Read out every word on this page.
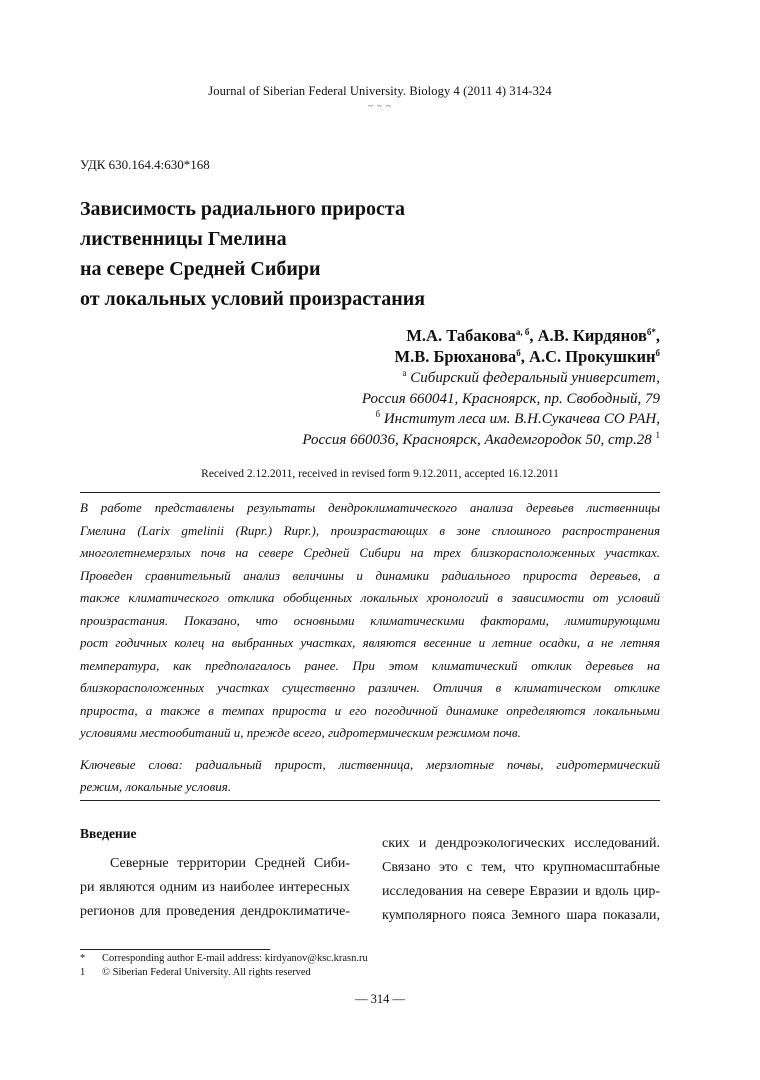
Journal of Siberian Federal University. Biology 4 (2011 4) 314-324
~ ~ ~
УДК 630.164.4:630*168
Зависимость радиального прироста
лиственницы Гмелина
на севере Средней Сибири
от локальных условий произрастания
М.А. Табакова$^{а, б}$, А.В. Кирдянов$^{б*}$,
М.В. Брюханова$^б$, А.С. Прокушкин$^б$
$^а$ Сибирский федеральный университет,
Россия 660041, Красноярск, пр. Свободный, 79
$^б$ Институт леса им. В.Н.Сукачева СО РАН,
Россия 660036, Красноярск, Академгородок 50, стр.28 $^1$
Received 2.12.2011, received in revised form 9.12.2011, accepted 16.12.2011
В работе представлены результаты дендроклиматического анализа деревьев лиственницы
Гмелина (Larix gmelinii (Rupr.) Rupr.), произрастающих в зоне сплошного распространения
многолетнемерзлых почв на севере Средней Сибири на трех близкорасположенных участках.
Проведен сравнительный анализ величины и динамики радиального прироста деревьев, а
также климатического отклика обобщенных локальных хронологий в зависимости от условий
произрастания. Показано, что основными климатическими факторами, лимитирующими
рост годичных колец на выбранных участках, являются весенние и летние осадки, а не летняя
температура, как предполагалось ранее. При этом климатический отклик деревьев на
близкорасположенных участках существенно различен. Отличия в климатическом отклике
прироста, а также в темпах прироста и его погодичной динамике определяются локальными
условиями местообитаний и, прежде всего, гидротермическим режимом почв.
Ключевые слова: радиальный прирост, лиственница, мерзлотные почвы, гидротермический
режим, локальные условия.
Введение
Северные территории Средней Сиби-
ри являются одним из наиболее интересных
регионов для проведения дендроклиматиче-
ских и дендроэкологических исследований.
Связано это с тем, что крупномасштабные
исследования на севере Евразии и вдоль цир-
кумполярного пояса Земного шара показали,
*	Corresponding author E-mail address: kirdyanov@ksc.krasn.ru
1	© Siberian Federal University. All rights reserved
— 314 —
